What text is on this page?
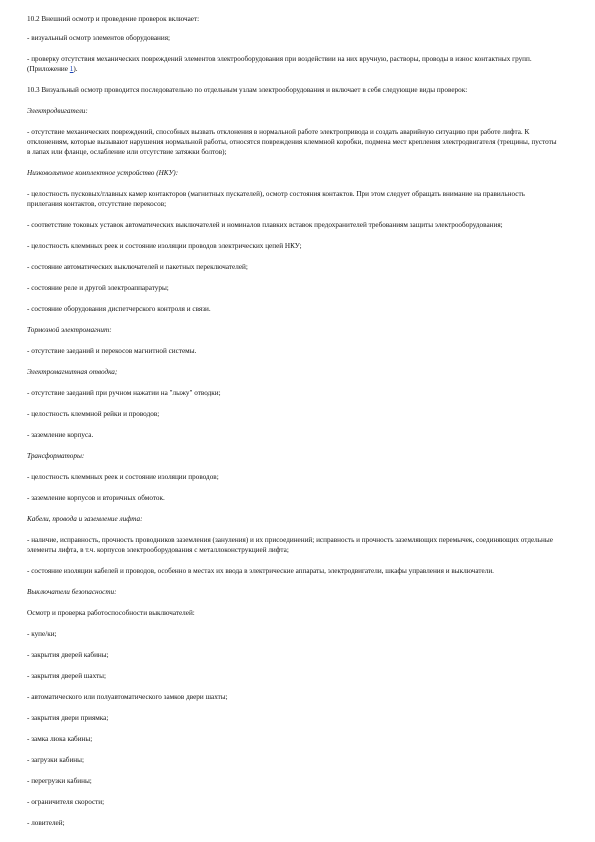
10.2 Внешний осмотр и проведение проверок включает:

- визуальный осмотр элементов оборудования;

- проверку отсутствия механических повреждений элементов электрооборудования при воздействии на них вручную, растворы, проводы в износ контактных групп. (Приложение 1).

10.3 Визуальный осмотр проводится последовательно по отдельным узлам электрооборудования и включает в себя следующие виды проверок:

Электродвигатели:

- отсутствие механических повреждений, способных вызвать отклонения в нормальной работе электропривода и создать аварийную ситуацию при работе лифта. К отклонениям, которые вызывают нарушения нормальной работы, относятся повреждения клеммной коробки, подмена мест крепления электродвигателя (трещины, пустоты в лапах или фланце, ослабление или отсутствие затяжки болтов);

Низковольтное комплектное устройство (НКУ):

- целостность пусковых/главных камер контакторов (магнитных пускателей), осмотр состояния контактов. При этом следует обращать внимание на правильность прилегания контактов, отсутствие перекосов;

- соответствие токовых уставок автоматических выключателей и номиналов плавких вставок предохранителей требованиям защиты электрооборудования;

- целостность клеммных реек и состояние изоляции проводов электрических цепей НКУ;

- состояние автоматических выключателей и пакетных переключателей;

- состояние реле и другой электроаппаратуры;

- состояние оборудования диспетчерского контроля и связи.

Тормозной электромагнит:

- отсутствие заеданий и перекосов магнитной системы.

Электромагнитная отводка;

- отсутствие заеданий при ручном нажатии на "лыжу" отводки;

- целостность клеммной рейки и проводов;

- заземление корпуса.

Трансформаторы:

- целостность клеммных реек и состояние изоляции проводов;

- заземление корпусов и вторичных обмоток.

Кабели, провода и заземление лифта:

- наличие, исправность, прочность проводников заземления (зануления) и их присоединений; исправность и прочность заземляющих перемычек, соединяющих отдельные элементы лифта, в т.ч. корпусов электрооборудования с металлоконструкцией лифта;

- состояние изоляции кабелей и проводов, особенно в местах их ввода в электрические аппараты, электродвигатели, шкафы управления и выключатели.

Выключатели безопасности:

Осмотр и проверка работоспособности выключателей:

- купе/ки;

- закрытия дверей кабины;

- закрытия дверей шахты;

- автоматического или полуавтоматического замков двери шахты;

- закрытия двери приямка;

- замка люка кабины;

- загрузки кабины;

- перегрузки кабины;

- ограничителя скорости;

- ловителей;
